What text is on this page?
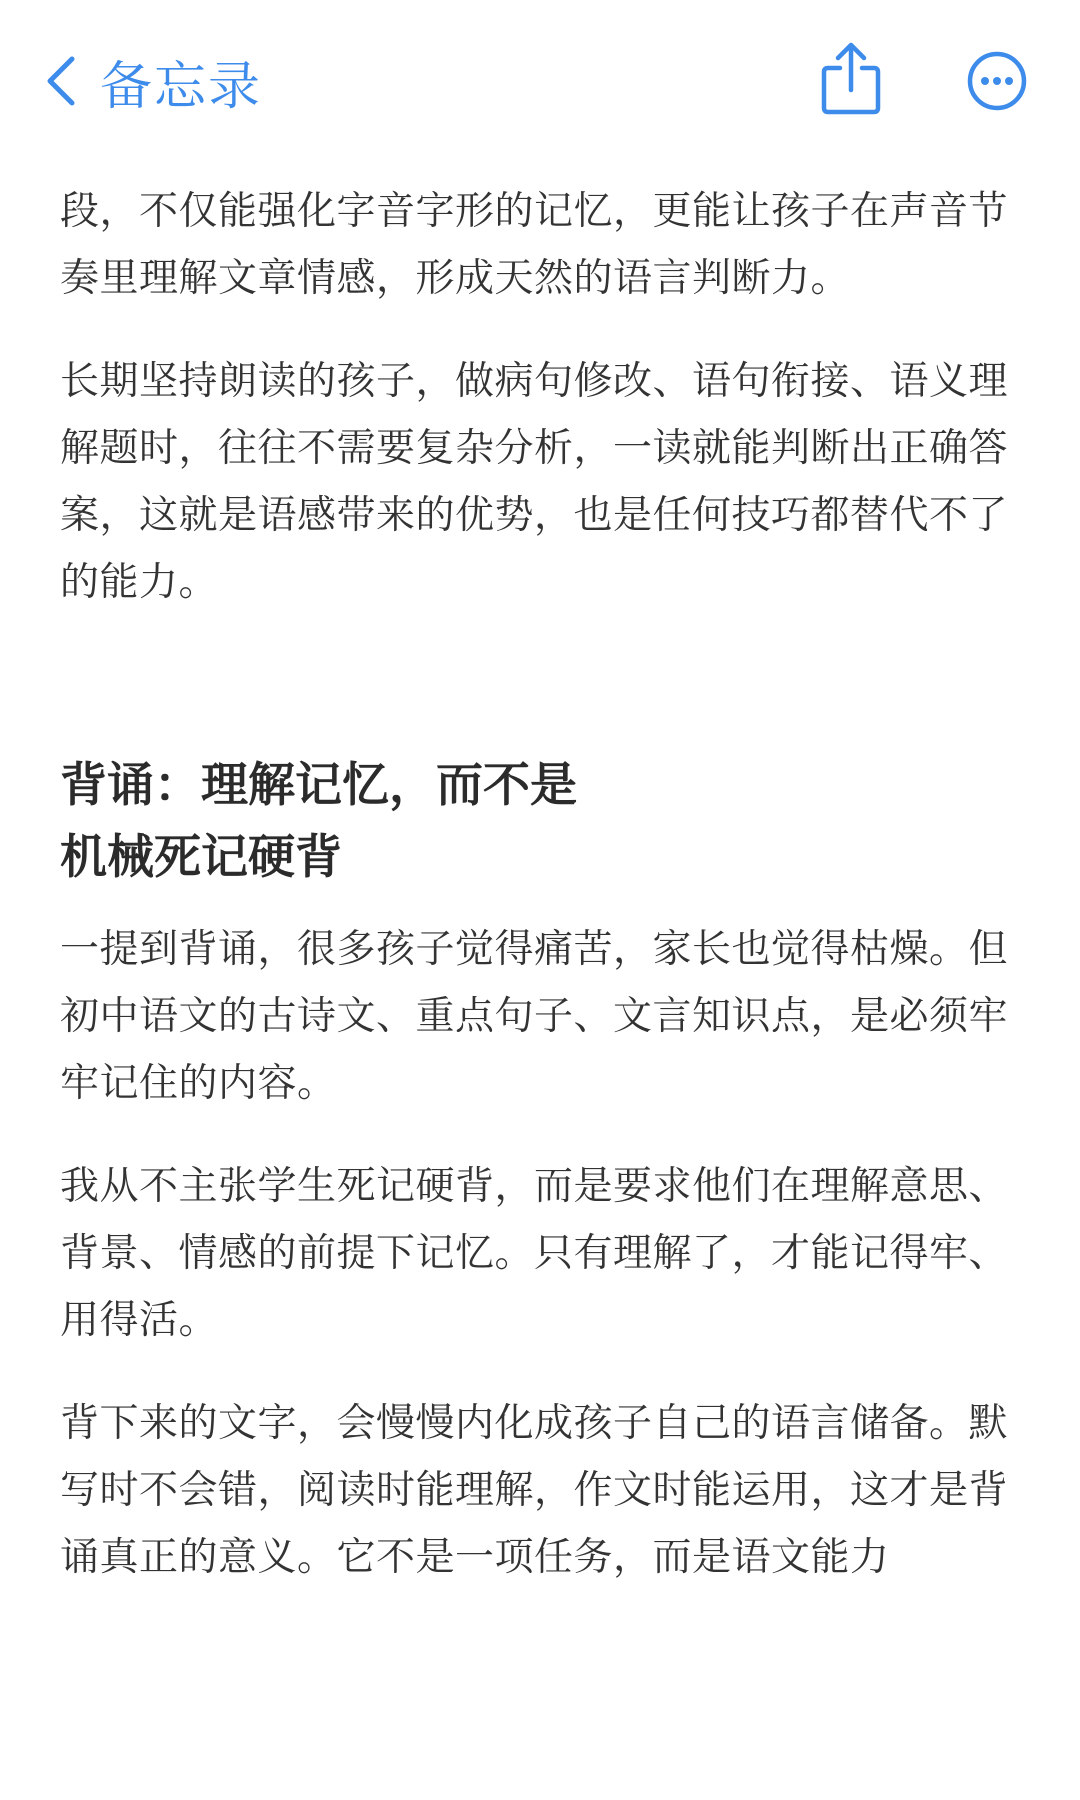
备忘录

段，不仅能强化字音字形的记忆，更能让孩子在声音节奏里理解文章情感，形成天然的语言判断力。

长期坚持朗读的孩子，做病句修改、语句衔接、语义理解题时，往往不需要复杂分析，一读就能判断出正确答案，这就是语感带来的优势，也是任何技巧都替代不了的能力。

背诵：理解记忆，而不是机械死记硬背

一提到背诵，很多孩子觉得痛苦，家长也觉得枯燥。但初中语文的古诗文、重点句子、文言知识点，是必须牢牢记住的内容。

我从不主张学生死记硬背，而是要求他们在理解意思、背景、情感的前提下记忆。只有理解了，才能记得牢、用得活。

背下来的文字，会慢慢内化成孩子自己的语言储备。默写时不会错，阅读时能理解，作文时能运用，这才是背诵真正的意义。它不是一项任务，而是语文能力
